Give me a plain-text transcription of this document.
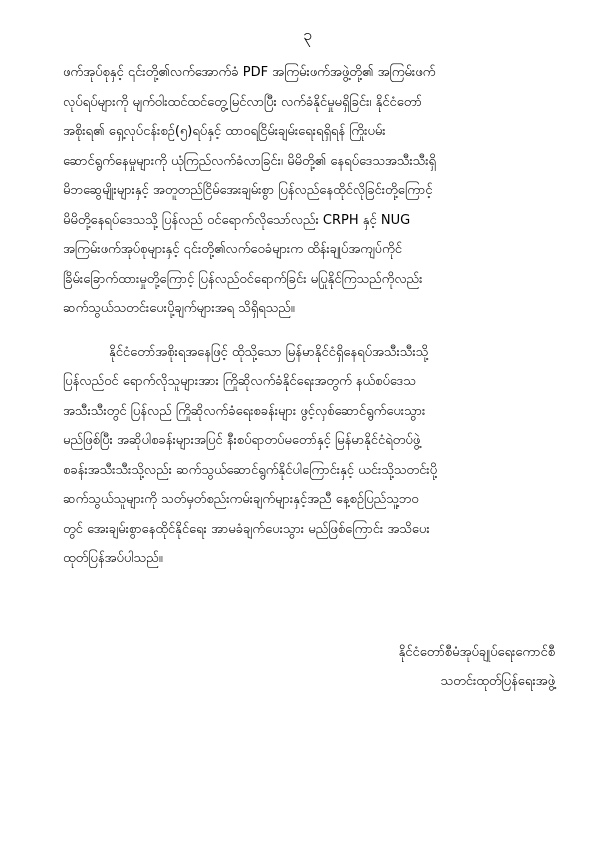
၃

ဖက်အုပ်စုနှင့် ၎င်းတို့၏လက်အောက်ခံ PDF အကြမ်းဖက်အဖွဲ့တို့၏ အကြမ်းဖက်
လုပ်ရပ်များကို မျက်ဝါးထင်ထင်တွေ့မြင်လာပြီး လက်ခံနိုင်မှုမရှိခြင်း၊ နိုင်ငံတော်
အစိုးရ၏ ရှေ့လုပ်ငန်းစဉ်(၅)ရပ်နှင့် ထာဝရငြိမ်းချမ်းရေးရရှိရန် ကြိုးပမ်း
ဆောင်ရွက်နေမှုများကို ယုံကြည်လက်ခံလာခြင်း၊ မိမိတို့၏ နေရပ်ဒေသအသီးသီးရှိ
မိဘဆွေမျိုးများနှင့် အတူတည်ငြိမ်အေးချမ်းစွာ ပြန်လည်နေထိုင်လိုခြင်းတို့ကြောင့်
မိမိတို့နေရပ်ဒေသသို့ ပြန်လည် ဝင်ရောက်လိုသော်လည်း CRPH နှင့် NUG
အကြမ်းဖက်အုပ်စုများနှင့် ၎င်းတို့၏လက်ဝေခံများက ထိန်းချုပ်အကျပ်ကိုင်
ခြိမ်းခြောက်ထားမှုတို့ကြောင့် ပြန်လည်ဝင်ရောက်ခြင်း မပြုနိုင်ကြသည်ကိုလည်း
ဆက်သွယ်သတင်းပေးပို့ချက်များအရ သိရှိရသည်။

နိုင်ငံတော်အစိုးရအနေဖြင့် ထိုသို့သော မြန်မာနိုင်ငံရှိနေရပ်အသီးသီးသို့
ပြန်လည်ဝင် ရောက်လိုသူများအား ကြိုဆိုလက်ခံနိုင်ရေးအတွက် နယ်စပ်ဒေသ
အသီးသီးတွင် ပြန်လည် ကြိုဆိုလက်ခံရေးစခန်းများ ဖွင့်လှစ်ဆောင်ရွက်ပေးသွား
မည်ဖြစ်ပြီး အဆိုပါစခန်းများအပြင် နီးစပ်ရာတပ်မတော်နှင့် မြန်မာနိုင်ငံရဲတပ်ဖွဲ့
စခန်းအသီးသီးသို့လည်း ဆက်သွယ်ဆောင်ရွက်နိုင်ပါကြောင်းနှင့် ယင်းသို့သတင်းပို့
ဆက်သွယ်သူများကို သတ်မှတ်စည်းကမ်းချက်များနှင့်အညီ နေ့စဉ်ပြည်သူ့ဘဝ
တွင် အေးချမ်းစွာနေထိုင်နိုင်ရေး အာမခံချက်ပေးသွား မည်ဖြစ်ကြောင်း အသိပေး
ထုတ်ပြန်အပ်ပါသည်။

နိုင်ငံတော်စီမံအုပ်ချုပ်ရေးကောင်စီ
သတင်းထုတ်ပြန်ရေးအဖွဲ့
